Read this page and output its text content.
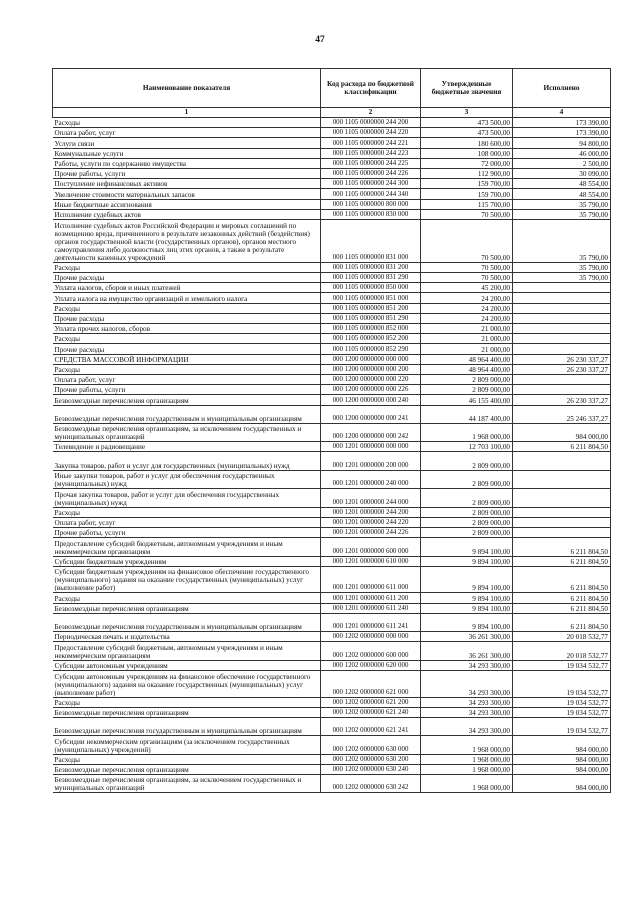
47
Наименование показателя	Код расхода по бюджетной классификации	Утвержденные бюджетные значения	Исполнено
1	2	3	4
Расходы	000 1105 0000000 244 200	473 500,00	173 390,00
Оплата работ, услуг	000 1105 0000000 244 220	473 500,00	173 390,00
Услуги связи	000 1105 0000000 244 221	180 600,00	94 800,00
Коммунальные услуги	000 1105 0000000 244 223	108 000,00	46 000,00
Работы, услуги по содержанию имущества	000 1105 0000000 244 225	72 000,00	2 500,00
Прочие работы, услуги	000 1105 0000000 244 226	112 900,00	30 090,00
Поступление нефинансовых активов	000 1105 0000000 244 300	159 700,00	48 554,00
Увеличение стоимости материальных запасов	000 1105 0000000 244 340	159 700,00	48 554,00
Иные бюджетные ассигнования	000 1105 0000000 800 000	115 700,00	35 790,00
Исполнение судебных актов	000 1105 0000000 830 000	70 500,00	35 790,00
Исполнение судебных актов Российской Федерации и мировых соглашений по возмещению вреда, причиненного в результате незаконных действий (бездействия) органов государственной власти (государственных органов), органов местного самоуправления либо должностных лиц этих органов, а также в результате деятельности казенных учреждений	000 1105 0000000 831 000	70 500,00	35 790,00
Расходы	000 1105 0000000 831 200	70 500,00	35 790,00
Прочие расходы	000 1105 0000000 831 290	70 500,00	35 790,00
Уплата налогов, сборов и иных платежей	000 1105 0000000 850 000	45 200,00	
Уплата налога на имущество организаций и земельного налога	000 1105 0000000 851 000	24 200,00	
Расходы	000 1105 0000000 851 200	24 200,00	
Прочие расходы	000 1105 0000000 851 290	24 200,00	
Уплата прочих налогов, сборов	000 1105 0000000 852 000	21 000,00	
Расходы	000 1105 0000000 852 200	21 000,00	
Прочие расходы	000 1105 0000000 852 290	21 000,00	
СРЕДСТВА МАССОВОЙ ИНФОРМАЦИИ	000 1200 0000000 000 000	48 964 400,00	26 230 337,27
Расходы	000 1200 0000000 000 200	48 964 400,00	26 230 337,27
Оплата работ, услуг	000 1200 0000000 000 220	2 809 000,00	
Прочие работы, услуги	000 1200 0000000 000 226	2 809 000,00	
Безвозмездные перечисления организациям	000 1200 0000000 000 240	46 155 400,00	26 230 337,27
Безвозмездные перечисления государственным и муниципальным организациям	000 1200 0000000 000 241	44 187 400,00	25 246 337,27
Безвозмездные перечисления организациям, за исключением государственных и муниципальных организаций	000 1200 0000000 000 242	1 968 000,00	984 000,00
Телевидение и радиовещание	000 1201 0000000 000 000	12 703 100,00	6 211 804,50
Закупка товаров, работ и услуг для государственных (муниципальных) нужд	000 1201 0000000 200 000	2 809 000,00	
Иные закупки товаров, работ и услуг для обеспечения государственных (муниципальных) нужд	000 1201 0000000 240 000	2 809 000,00	
Прочая закупка товаров, работ и услуг для обеспечения государственных (муниципальных) нужд	000 1201 0000000 244 000	2 809 000,00	
Расходы	000 1201 0000000 244 200	2 809 000,00	
Оплата работ, услуг	000 1201 0000000 244 220	2 809 000,00	
Прочие работы, услуги	000 1201 0000000 244 226	2 809 000,00	
Предоставление субсидий бюджетным, автономным учреждениям и иным некоммерческим организациям	000 1201 0000000 600 000	9 894 100,00	6 211 804,50
Субсидии бюджетным учреждениям	000 1201 0000000 610 000	9 894 100,00	6 211 804,50
Субсидии бюджетным учреждениям на финансовое обеспечение государственного (муниципального) задания на оказание государственных (муниципальных) услуг (выполнение работ)	000 1201 0000000 611 000	9 894 100,00	6 211 804,50
Расходы	000 1201 0000000 611 200	9 894 100,00	6 211 804,50
Безвозмездные перечисления организациям	000 1201 0000000 611 240	9 894 100,00	6 211 804,50
Безвозмездные перечисления государственным и муниципальным организациям	000 1201 0000000 611 241	9 894 100,00	6 211 804,50
Периодическая печать и издательства	000 1202 0000000 000 000	36 261 300,00	20 018 532,77
Предоставление субсидий бюджетным, автономным учреждениям и иным некоммерческим организациям	000 1202 0000000 600 000	36 261 300,00	20 018 532,77
Субсидии автономным учреждениям	000 1202 0000000 620 000	34 293 300,00	19 034 532,77
Субсидии автономным учреждениям на финансовое обеспечение государственного (муниципального) задания на оказание государственных (муниципальных) услуг (выполнение работ)	000 1202 0000000 621 000	34 293 300,00	19 034 532,77
Расходы	000 1202 0000000 621 200	34 293 300,00	19 034 532,77
Безвозмездные перечисления организациям	000 1202 0000000 621 240	34 293 300,00	19 034 532,77
Безвозмездные перечисления государственным и муниципальным организациям	000 1202 0000000 621 241	34 293 300,00	19 034 532,77
Субсидии некоммерческим организациям (за исключением государственных (муниципальных) учреждений)	000 1202 0000000 630 000	1 968 000,00	984 000,00
Расходы	000 1202 0000000 630 200	1 968 000,00	984 000,00
Безвозмездные перечисления организациям	000 1202 0000000 630 240	1 968 000,00	984 000,00
Безвозмездные перечисления организациям, за исключением государственных и муниципальных организаций	000 1202 0000000 630 242	1 968 000,00	984 000,00
